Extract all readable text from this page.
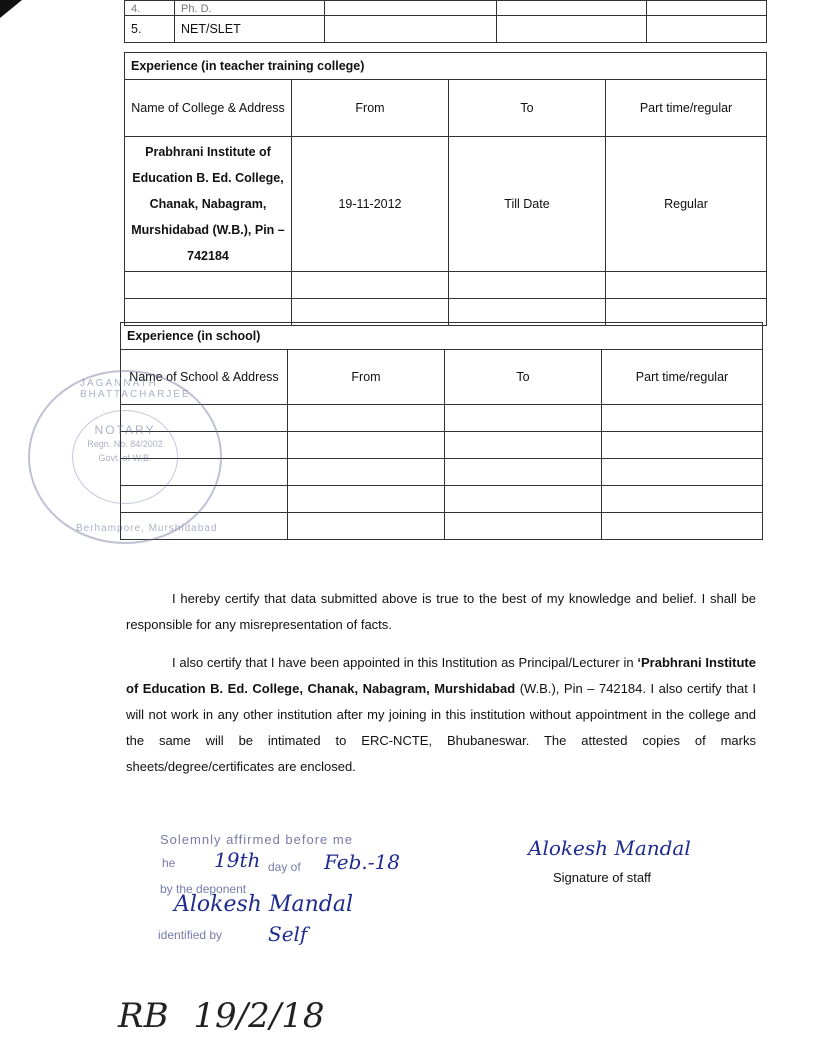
4.	Ph. D.			
5.	NET/SLET			
Experience (in teacher training college)			
Name of College & Address	From	To	Part time/regular
Prabhrani Institute of Education B. Ed. College, Chanak, Nabagram, Murshidabad (W.B.), Pin – 742184	19-11-2012	Till Date	Regular

Experience (in school)			
Name of School & Address	From	To	Part time/regular

JAGANNATH BHATTACHARJEE
NOTARY
Regn. No. 84/2002
Govt. of W.B.
Berhampore, Murshidabad
I hereby certify that data submitted above is true to the best of my knowledge and belief. I shall be responsible for any misrepresentation of facts.
I also certify that I have been appointed in this Institution as Principal/Lecturer in ‘Prabhrani Institute of Education B. Ed. College, Chanak, Nabagram, Murshidabad (W.B.), Pin – 742184. I also certify that I will not work in any other institution after my joining in this institution without appointment in the college and the same will be intimated to ERC-NCTE, Bhubaneswar. The attested copies of marks sheets/degree/certificates are enclosed.
Solemnly affirmed before me
he 19th day of Feb.-18
by the deponent
Alokesh Mandal
identified by Self
Alokesh Mandal
Signature of staff
RB 19/2/18
